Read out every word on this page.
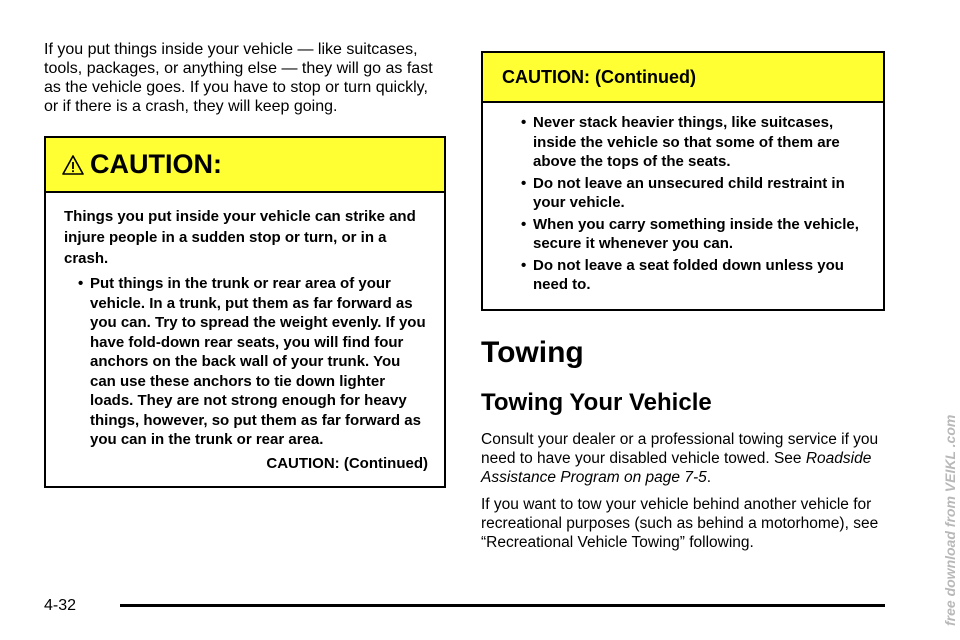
If you put things inside your vehicle — like suitcases, tools, packages, or anything else — they will go as fast as the vehicle goes. If you have to stop or turn quickly, or if there is a crash, they will keep going.

CAUTION:

Things you put inside your vehicle can strike and injure people in a sudden stop or turn, or in a crash.

• Put things in the trunk or rear area of your vehicle. In a trunk, put them as far forward as you can. Try to spread the weight evenly. If you have fold-down rear seats, you will find four anchors on the back wall of your trunk. You can use these anchors to tie down lighter loads. They are not strong enough for heavy things, however, so put them as far forward as you can in the trunk or rear area.
CAUTION: (Continued)
CAUTION: (Continued)
• Never stack heavier things, like suitcases, inside the vehicle so that some of them are above the tops of the seats.
• Do not leave an unsecured child restraint in your vehicle.
• When you carry something inside the vehicle, secure it whenever you can.
• Do not leave a seat folded down unless you need to.
Towing
Towing Your Vehicle

Consult your dealer or a professional towing service if you need to have your disabled vehicle towed. See Roadside Assistance Program on page 7-5.

If you want to tow your vehicle behind another vehicle for recreational purposes (such as behind a motorhome), see “Recreational Vehicle Towing” following.

4-32	free download from VEIKL .com
